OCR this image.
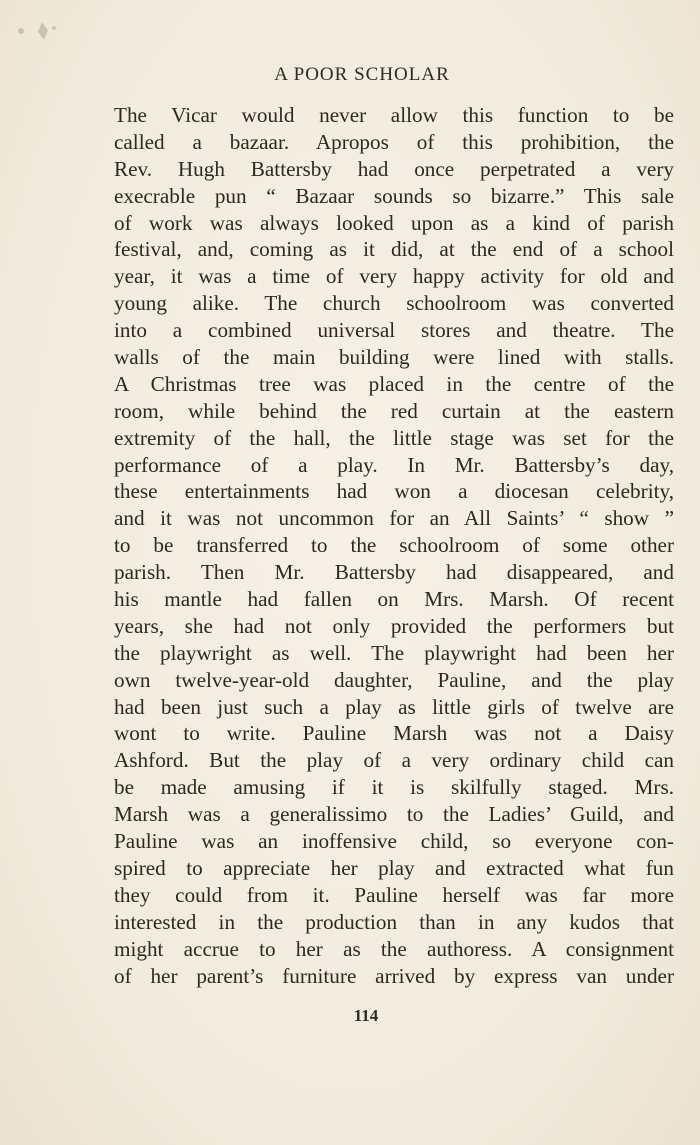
A POOR SCHOLAR
The Vicar would never allow this function to be
called a bazaar. Apropos of this prohibition, the
Rev. Hugh Battersby had once perpetrated a very
execrable pun “ Bazaar sounds so bizarre.” This sale
of work was always looked upon as a kind of parish
festival, and, coming as it did, at the end of a school
year, it was a time of very happy activity for old and
young alike. The church schoolroom was converted
into a combined universal stores and theatre. The
walls of the main building were lined with stalls.
A Christmas tree was placed in the centre of the
room, while behind the red curtain at the eastern
extremity of the hall, the little stage was set for the
performance of a play. In Mr. Battersby’s day,
these entertainments had won a diocesan celebrity,
and it was not uncommon for an All Saints’ “ show ”
to be transferred to the schoolroom of some other
parish. Then Mr. Battersby had disappeared, and
his mantle had fallen on Mrs. Marsh. Of recent
years, she had not only provided the performers but
the playwright as well. The playwright had been her
own twelve-year-old daughter, Pauline, and the play
had been just such a play as little girls of twelve are
wont to write. Pauline Marsh was not a Daisy
Ashford. But the play of a very ordinary child can
be made amusing if it is skilfully staged. Mrs.
Marsh was a generalissimo to the Ladies’ Guild, and
Pauline was an inoffensive child, so everyone con-
spired to appreciate her play and extracted what fun
they could from it. Pauline herself was far more
interested in the production than in any kudos that
might accrue to her as the authoress. A consignment
of her parent’s furniture arrived by express van under
114
